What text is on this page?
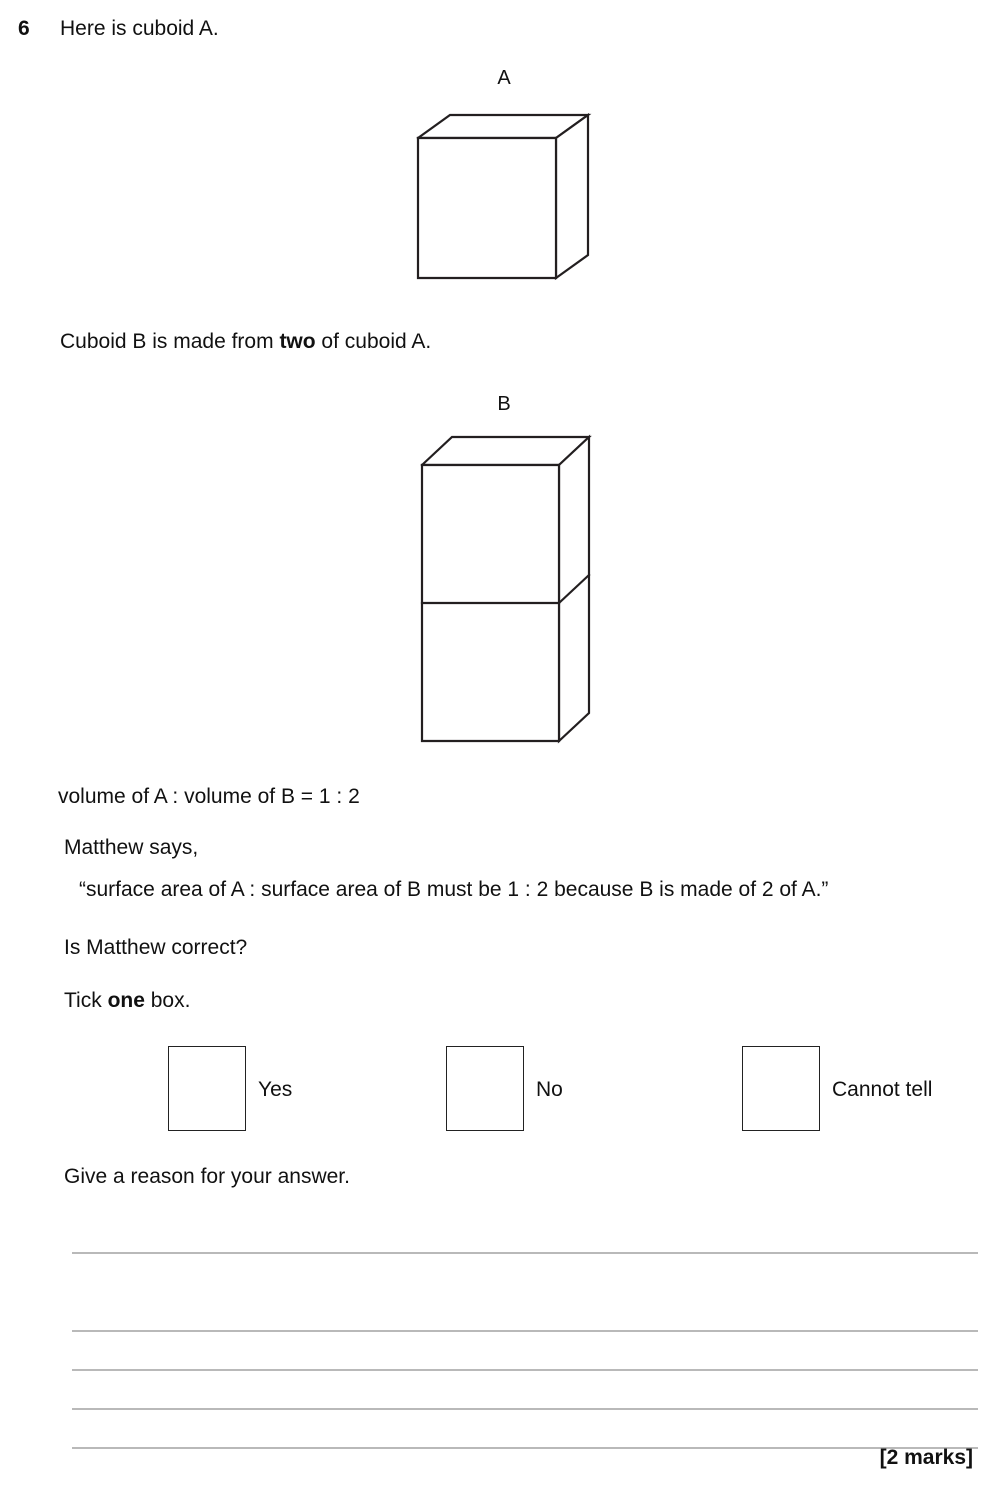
6 Here is cuboid A.
A
Cuboid B is made from two of cuboid A.
B
volume of A : volume of B = 1 : 2
Matthew says,
“surface area of A : surface area of B must be 1 : 2 because B is made of 2 of A.”
Is Matthew correct?
Tick one box.
Yes	No	Cannot tell
Give a reason for your answer.
[2 marks]
